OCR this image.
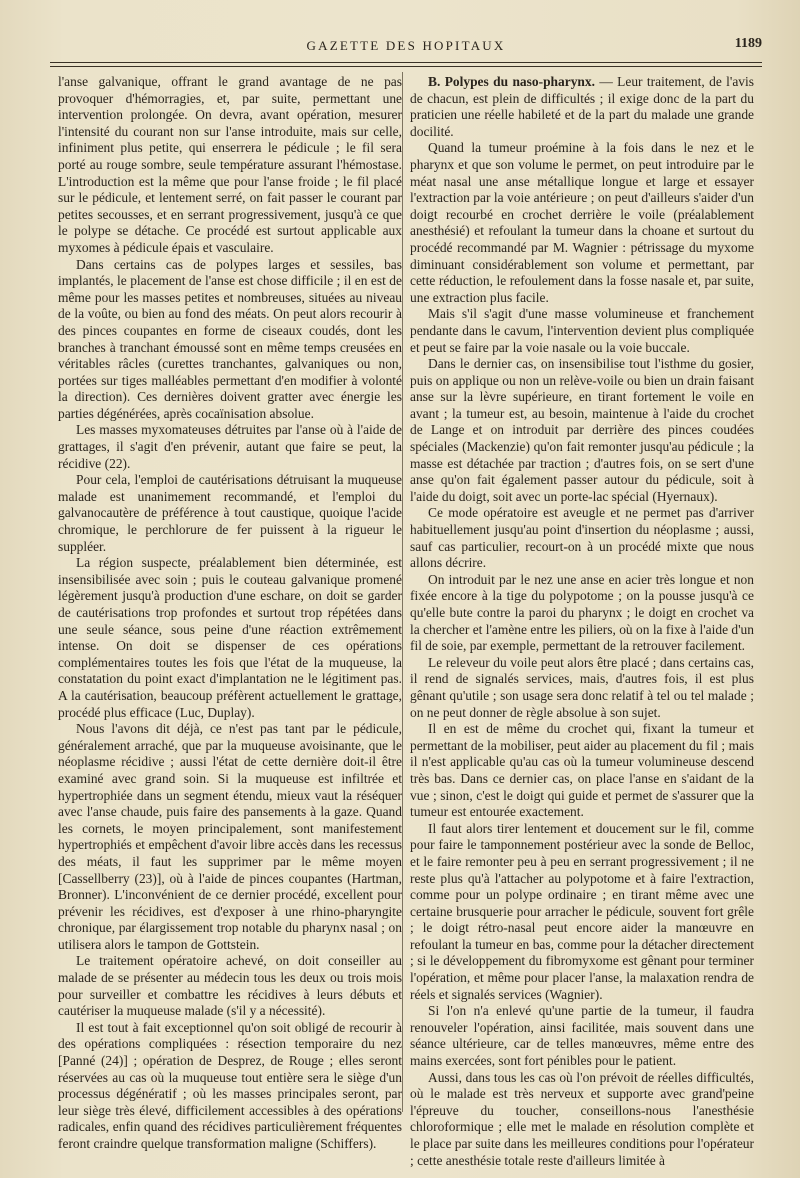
GAZETTE DES HOPITAUX	1189

l'anse galvanique, offrant le grand avantage de ne pas provoquer d'hémorragies, et, par suite, permettant une intervention prolongée. On devra, avant opération, mesurer l'intensité du courant non sur l'anse introduite, mais sur celle, infiniment plus petite, qui enserrera le pédicule ; le fil sera porté au rouge sombre, seule température assurant l'hémostase. L'introduction est la même que pour l'anse froide ; le fil placé sur le pédicule, et lentement serré, on fait passer le courant par petites secousses, et en serrant progressivement, jusqu'à ce que le polype se détache. Ce procédé est surtout applicable aux myxomes à pédicule épais et vasculaire.

Dans certains cas de polypes larges et sessiles, bas implantés, le placement de l'anse est chose difficile ; il en est de même pour les masses petites et nombreuses, situées au niveau de la voûte, ou bien au fond des méats. On peut alors recourir à des pinces coupantes en forme de ciseaux coudés, dont les branches à tranchant émoussé sont en même temps creusées en véritables râcles (curettes tranchantes, galvaniques ou non, portées sur tiges malléables permettant d'en modifier à volonté la direction). Ces dernières doivent gratter avec énergie les parties dégénérées, après cocaïnisation absolue.

Les masses myxomateuses détruites par l'anse où à l'aide de grattages, il s'agit d'en prévenir, autant que faire se peut, la récidive (22).

Pour cela, l'emploi de cautérisations détruisant la muqueuse malade est unanimement recommandé, et l'emploi du galvanocautère de préférence à tout caustique, quoique l'acide chromique, le perchlorure de fer puissent à la rigueur le suppléer.

La région suspecte, préalablement bien déterminée, est insensibilisée avec soin ; puis le couteau galvanique promené légèrement jusqu'à production d'une eschare, on doit se garder de cautérisations trop profondes et surtout trop répétées dans une seule séance, sous peine d'une réaction extrêmement intense. On doit se dispenser de ces opérations complémentaires toutes les fois que l'état de la muqueuse, la constatation du point exact d'implantation ne le légitiment pas. A la cautérisation, beaucoup préfèrent actuellement le grattage, procédé plus efficace (Luc, Duplay).

Nous l'avons dit déjà, ce n'est pas tant par le pédicule, généralement arraché, que par la muqueuse avoisinante, que le néoplasme récidive ; aussi l'état de cette dernière doit-il être examiné avec grand soin. Si la muqueuse est infiltrée et hypertrophiée dans un segment étendu, mieux vaut la réséquer avec l'anse chaude, puis faire des pansements à la gaze. Quand les cornets, le moyen principalement, sont manifestement hypertrophiés et empêchent d'avoir libre accès dans les recessus des méats, il faut les supprimer par le même moyen [Cassellberry (23)], où à l'aide de pinces coupantes (Hartman, Bronner). L'inconvénient de ce dernier procédé, excellent pour prévenir les récidives, est d'exposer à une rhino-pharyngite chronique, par élargissement trop notable du pharynx nasal ; on utilisera alors le tampon de Gottstein.

Le traitement opératoire achevé, on doit conseiller au malade de se présenter au médecin tous les deux ou trois mois pour surveiller et combattre les récidives à leurs débuts et cautériser la muqueuse malade (s'il y a nécessité).

Il est tout à fait exceptionnel qu'on soit obligé de recourir à des opérations compliquées : résection temporaire du nez [Panné (24)] ; opération de Desprez, de Rouge ; elles seront réservées au cas où la muqueuse tout entière sera le siège d'un processus dégénératif ; où les masses principales seront, par leur siège très élevé, difficilement accessibles à des opérations radicales, enfin quand des récidives particulièrement fréquentes feront craindre quelque transformation maligne (Schiffers).

B. Polypes du naso-pharynx. — Leur traitement, de l'avis de chacun, est plein de difficultés ; il exige donc de la part du praticien une réelle habileté et de la part du malade une grande docilité.

Quand la tumeur proémine à la fois dans le nez et le pharynx et que son volume le permet, on peut introduire par le méat nasal une anse métallique longue et large et essayer l'extraction par la voie antérieure ; on peut d'ailleurs s'aider d'un doigt recourbé en crochet derrière le voile (préalablement anesthésié) et refoulant la tumeur dans la choane et surtout du procédé recommandé par M. Wagnier : pétrissage du myxome diminuant considérablement son volume et permettant, par cette réduction, le refoulement dans la fosse nasale et, par suite, une extraction plus facile.

Mais s'il s'agit d'une masse volumineuse et franchement pendante dans le cavum, l'intervention devient plus compliquée et peut se faire par la voie nasale ou la voie buccale.

Dans le dernier cas, on insensibilise tout l'isthme du gosier, puis on applique ou non un relève-voile ou bien un drain faisant anse sur la lèvre supérieure, en tirant fortement le voile en avant ; la tumeur est, au besoin, maintenue à l'aide du crochet de Lange et on introduit par derrière des pinces coudées spéciales (Mackenzie) qu'on fait remonter jusqu'au pédicule ; la masse est détachée par traction ; d'autres fois, on se sert d'une anse qu'on fait également passer autour du pédicule, soit à l'aide du doigt, soit avec un porte-lac spécial (Hyernaux).

Ce mode opératoire est aveugle et ne permet pas d'arriver habituellement jusqu'au point d'insertion du néoplasme ; aussi, sauf cas particulier, recourt-on à un procédé mixte que nous allons décrire.

On introduit par le nez une anse en acier très longue et non fixée encore à la tige du polypotome ; on la pousse jusqu'à ce qu'elle bute contre la paroi du pharynx ; le doigt en crochet va la chercher et l'amène entre les piliers, où on la fixe à l'aide d'un fil de soie, par exemple, permettant de la retrouver facilement.

Le releveur du voile peut alors être placé ; dans certains cas, il rend de signalés services, mais, d'autres fois, il est plus gênant qu'utile ; son usage sera donc relatif à tel ou tel malade ; on ne peut donner de règle absolue à son sujet.

Il en est de même du crochet qui, fixant la tumeur et permettant de la mobiliser, peut aider au placement du fil ; mais il n'est applicable qu'au cas où la tumeur volumineuse descend très bas. Dans ce dernier cas, on place l'anse en s'aidant de la vue ; sinon, c'est le doigt qui guide et permet de s'assurer que la tumeur est entourée exactement.

Il faut alors tirer lentement et doucement sur le fil, comme pour faire le tamponnement postérieur avec la sonde de Belloc, et le faire remonter peu à peu en serrant progressivement ; il ne reste plus qu'à l'attacher au polypotome et à faire l'extraction, comme pour un polype ordinaire ; en tirant même avec une certaine brusquerie pour arracher le pédicule, souvent fort grêle ; le doigt rétro-nasal peut encore aider la manœuvre en refoulant la tumeur en bas, comme pour la détacher directement ; si le développement du fibromyxome est gênant pour terminer l'opération, et même pour placer l'anse, la malaxation rendra de réels et signalés services (Wagnier).

Si l'on n'a enlevé qu'une partie de la tumeur, il faudra renouveler l'opération, ainsi facilitée, mais souvent dans une séance ultérieure, car de telles manœuvres, même entre des mains exercées, sont fort pénibles pour le patient.

Aussi, dans tous les cas où l'on prévoit de réelles difficultés, où le malade est très nerveux et supporte avec grand'peine l'épreuve du toucher, conseillons-nous l'anesthésie chloroformique ; elle met le malade en résolution complète et le place par suite dans les meilleures conditions pour l'opérateur ; cette anesthésie totale reste d'ailleurs limitée à
